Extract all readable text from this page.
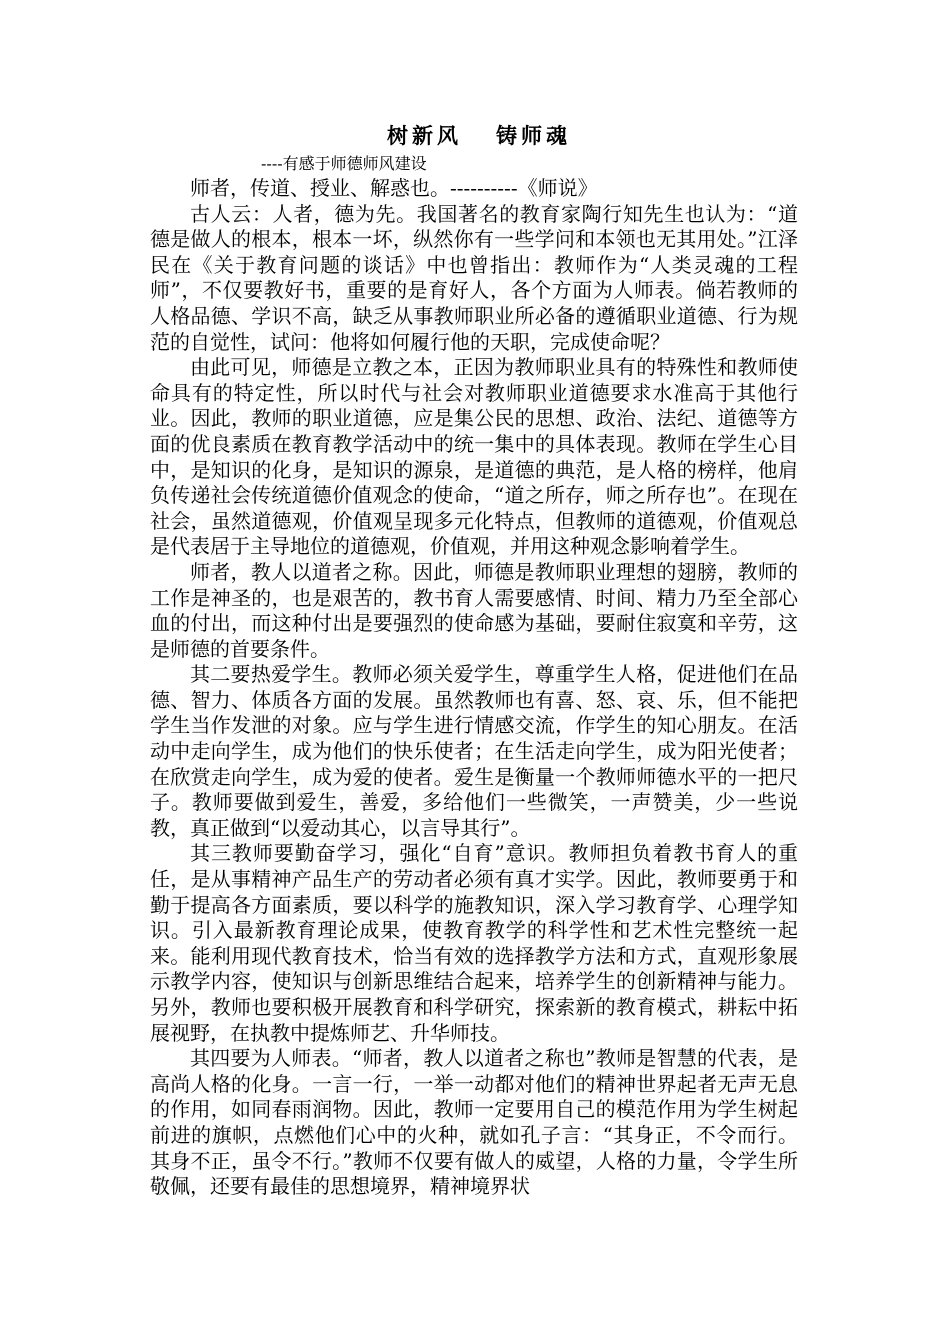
树新风   铸师魂
----有感于师德师风建设

师者，传道、授业、解惑也。----------《师说》

古人云：人者，德为先。我国著名的教育家陶行知先生也认为：“道德是做人的根本，根本一坏，纵然你有一些学问和本领也无其用处。”江泽民在《关于教育问题的谈话》中也曾指出：教师作为“人类灵魂的工程师”，不仅要教好书，重要的是育好人，各个方面为人师表。倘若教师的人格品德、学识不高，缺乏从事教师职业所必备的遵循职业道德、行为规范的自觉性，试问：他将如何履行他的天职，完成使命呢？

由此可见，师德是立教之本，正因为教师职业具有的特殊性和教师使命具有的特定性，所以时代与社会对教师职业道德要求水准高于其他行业。因此，教师的职业道德，应是集公民的思想、政治、法纪、道德等方面的优良素质在教育教学活动中的统一集中的具体表现。教师在学生心目中，是知识的化身，是知识的源泉，是道德的典范，是人格的榜样，他肩负传递社会传统道德价值观念的使命，“道之所存，师之所存也”。在现在社会，虽然道德观，价值观呈现多元化特点，但教师的道德观，价值观总是代表居于主导地位的道德观，价值观，并用这种观念影响着学生。

师者，教人以道者之称。因此，师德是教师职业理想的翅膀，教师的工作是神圣的，也是艰苦的，教书育人需要感情、时间、精力乃至全部心血的付出，而这种付出是要强烈的使命感为基础，要耐住寂寞和辛劳，这是师德的首要条件。

其二要热爱学生。教师必须关爱学生，尊重学生人格，促进他们在品德、智力、体质各方面的发展。虽然教师也有喜、怒、哀、乐，但不能把学生当作发泄的对象。应与学生进行情感交流，作学生的知心朋友。在活动中走向学生，成为他们的快乐使者；在生活走向学生，成为阳光使者；在欣赏走向学生，成为爱的使者。爱生是衡量一个教师师德水平的一把尺子。教师要做到爱生，善爱，多给他们一些微笑，一声赞美，少一些说教，真正做到“以爱动其心，以言导其行”。

其三教师要勤奋学习，强化“自育”意识。教师担负着教书育人的重任，是从事精神产品生产的劳动者必须有真才实学。因此，教师要勇于和勤于提高各方面素质，要以科学的施教知识，深入学习教育学、心理学知识。引入最新教育理论成果，使教育教学的科学性和艺术性完整统一起来。能利用现代教育技术，恰当有效的选择教学方法和方式，直观形象展示教学内容，使知识与创新思维结合起来，培养学生的创新精神与能力。另外，教师也要积极开展教育和科学研究，探索新的教育模式，耕耘中拓展视野，在执教中提炼师艺、升华师技。

其四要为人师表。“师者，教人以道者之称也”教师是智慧的代表，是高尚人格的化身。一言一行，一举一动都对他们的精神世界起者无声无息的作用，如同春雨润物。因此，教师一定要用自己的模范作用为学生树起前进的旗帜，点燃他们心中的火种，就如孔子言：“其身正，不令而行。其身不正，虽令不行。”教师不仅要有做人的威望，人格的力量，令学生所敬佩，还要有最佳的思想境界，精神境界状
